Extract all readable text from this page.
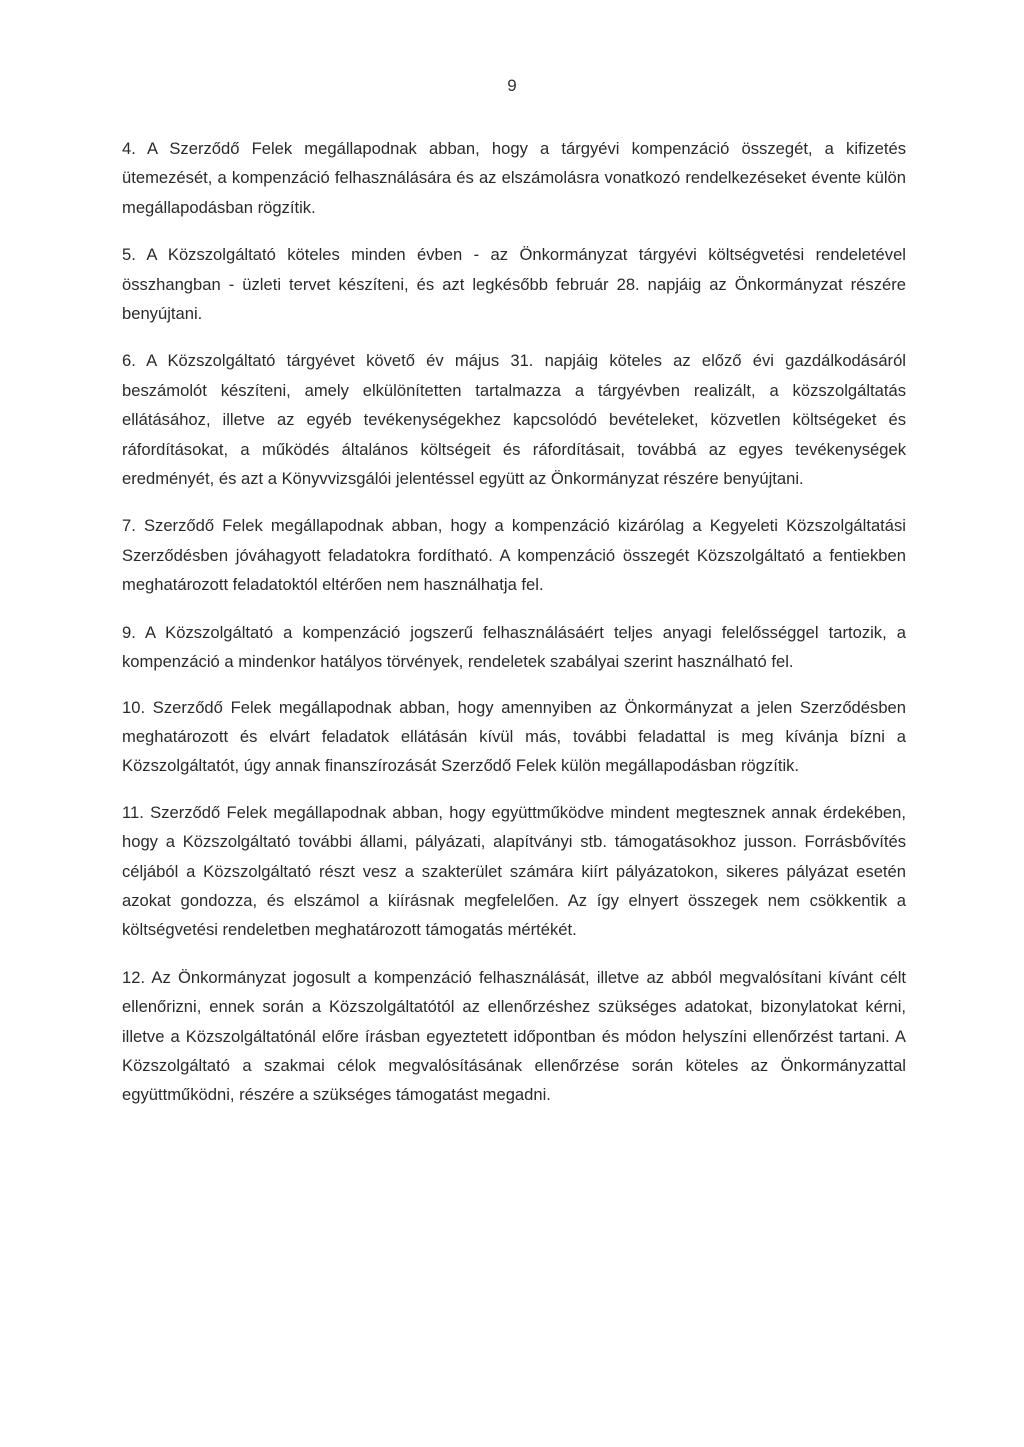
9

4. A Szerződő Felek megállapodnak abban, hogy a tárgyévi kompenzáció összegét, a kifizetés ütemezését, a kompenzáció felhasználására és az elszámolásra vonatkozó rendelkezéseket évente külön megállapodásban rögzítik.

5. A Közszolgáltató köteles minden évben - az Önkormányzat tárgyévi költségvetési rendeletével összhangban - üzleti tervet készíteni, és azt legkésőbb február 28. napjáig az Önkormányzat részére benyújtani.

6. A Közszolgáltató tárgyévet követő év május 31. napjáig köteles az előző évi gazdálkodásáról beszámolót készíteni, amely elkülönítetten tartalmazza a tárgyévben realizált, a közszolgáltatás ellátásához, illetve az egyéb tevékenységekhez kapcsolódó bevételeket, közvetlen költségeket és ráfordításokat, a működés általános költségeit és ráfordításait, továbbá az egyes tevékenységek eredményét, és azt a Könyvvizsgálói jelentéssel együtt az Önkormányzat részére benyújtani.

7. Szerződő Felek megállapodnak abban, hogy a kompenzáció kizárólag a Kegyeleti Közszolgáltatási Szerződésben jóváhagyott feladatokra fordítható. A kompenzáció összegét Közszolgáltató a fentiekben meghatározott feladatoktól eltérően nem használhatja fel.

9. A Közszolgáltató a kompenzáció jogszerű felhasználásáért teljes anyagi felelősséggel tartozik, a kompenzáció a mindenkor hatályos törvények, rendeletek szabályai szerint használható fel.

10. Szerződő Felek megállapodnak abban, hogy amennyiben az Önkormányzat a jelen Szerződésben meghatározott és elvárt feladatok ellátásán kívül más, további feladattal is meg kívánja bízni a Közszolgáltatót, úgy annak finanszírozását Szerződő Felek külön megállapodásban rögzítik.

11. Szerződő Felek megállapodnak abban, hogy együttműködve mindent megtesznek annak érdekében, hogy a Közszolgáltató további állami, pályázati, alapítványi stb. támogatásokhoz jusson. Forrásbővítés céljából a Közszolgáltató részt vesz a szakterület számára kiírt pályázatokon, sikeres pályázat esetén azokat gondozza, és elszámol a kiírásnak megfelelően. Az így elnyert összegek nem csökkentik a költségvetési rendeletben meghatározott támogatás mértékét.

12. Az Önkormányzat jogosult a kompenzáció felhasználását, illetve az abból megvalósítani kívánt célt ellenőrizni, ennek során a Közszolgáltatótól az ellenőrzéshez szükséges adatokat, bizonylatokat kérni, illetve a Közszolgáltatónál előre írásban egyeztetett időpontban és módon helyszíni ellenőrzést tartani. A Közszolgáltató a szakmai célok megvalósításának ellenőrzése során köteles az Önkormányzattal együttműködni, részére a szükséges támogatást megadni.
